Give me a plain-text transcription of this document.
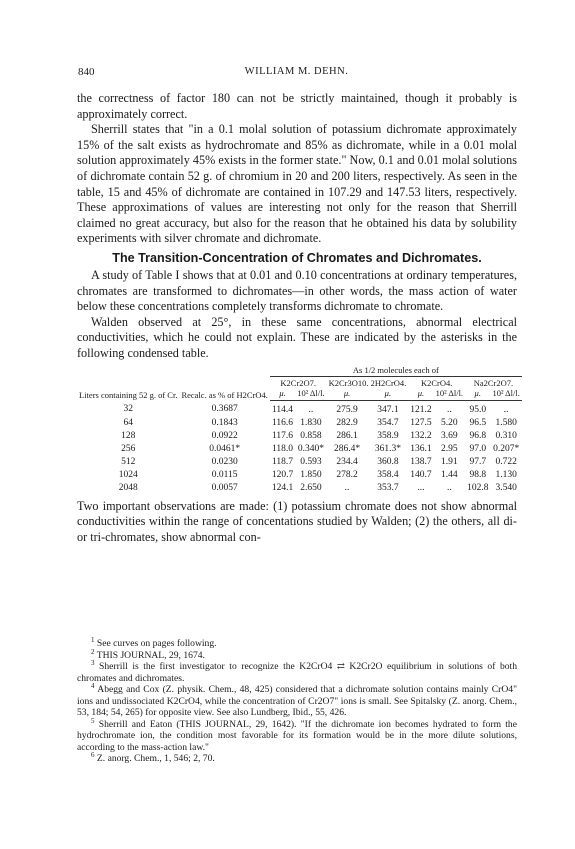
840	WILLIAM M. DEHN.

the correctness of factor 180 can not be strictly maintained, though it probably is approximately correct.

Sherrill states that "in a 0.1 molal solution of potassium dichromate approximately 15% of the salt exists as hydrochromate and 85% as dichromate, while in a 0.01 molal solution approximately 45% exists in the former state." Now, 0.1 and 0.01 molal solutions of dichromate contain 52 g. of chromium in 20 and 200 liters, respectively. As seen in the table, 15 and 45% of dichromate are contained in 107.29 and 147.53 liters, respectively. These approximations of values are interesting not only for the reason that Sherrill claimed no great accuracy, but also for the reason that he obtained his data by solubility experiments with silver chromate and dichromate.

The Transition-Concentration of Chromates and Dichromates.

A study of Table I shows that at 0.01 and 0.10 concentrations at ordinary temperatures, chromates are transformed to dichromates—in other words, the mass action of water below these concentrations completely transforms dichromate to chromate.

Walden observed at 25°, in these same concentrations, abnormal electrical conductivities, which he could not explain. These are indicated by the asterisks in the following condensed table.

		As 1/2 molecules each of							
Liters containing 52 g. of Cr.	Recalc. as % of H2CrO4.	K2Cr2O7.		K2Cr3O10. 2H2CrO4.		K2CrO4.		Na2Cr2O7.	
		μ.	10² Δl/l.	μ.	μ.	μ.	10² Δl/l.	μ.	10² Δl/l.
32	0.3687	114.4	..	275.9	347.1	121.2	..	95.0	..
64	0.1843	116.6	1.830	282.9	354.7	127.5	5.20	96.5	1.580
128	0.0922	117.6	0.858	286.1	358.9	132.2	3.69	96.8	0.310
256	0.0461*	118.0	0.340*	286.4*	361.3*	136.1	2.95	97.0	0.207*
512	0.0230	118.7	0.593	234.4	360.8	138.7	1.91	97.7	0.722
1024	0.0115	120.7	1.850	278.2	358.4	140.7	1.44	98.8	1.130
2048	0.0057	124.1	2.650	..	353.7	...	..	102.8	3.540

Two important observations are made: (1) potassium chromate does not show abnormal conductivities within the range of concentations studied by Walden; (2) the others, all di- or tri-chromates, show abnormal con-

$^1$ See curves on pages following.

$^2$ THIS JOURNAL, 29, 1674.

$^3$ Sherrill is the first investigator to recognize the K2CrO4 ⇄ K2Cr2O equilibrium in solutions of both chromates and dichromates.

$^4$ Abegg and Cox (Z. physik. Chem., 48, 425) considered that a dichromate solution contains mainly CrO4" ions and undissociated K2CrO4, while the concentration of Cr2O7" ions is small. See Spitalsky (Z. anorg. Chem., 53, 184; 54, 265) for opposite view. See also Lundberg, Ibid., 55, 426.

$^5$ Sherrill and Eaton (THIS JOURNAL, 29, 1642). "If the dichromate ion becomes hydrated to form the hydrochromate ion, the condition most favorable for its formation would be in the more dilute solutions, according to the mass-action law."

$^6$ Z. anorg. Chem., 1, 546; 2, 70.
